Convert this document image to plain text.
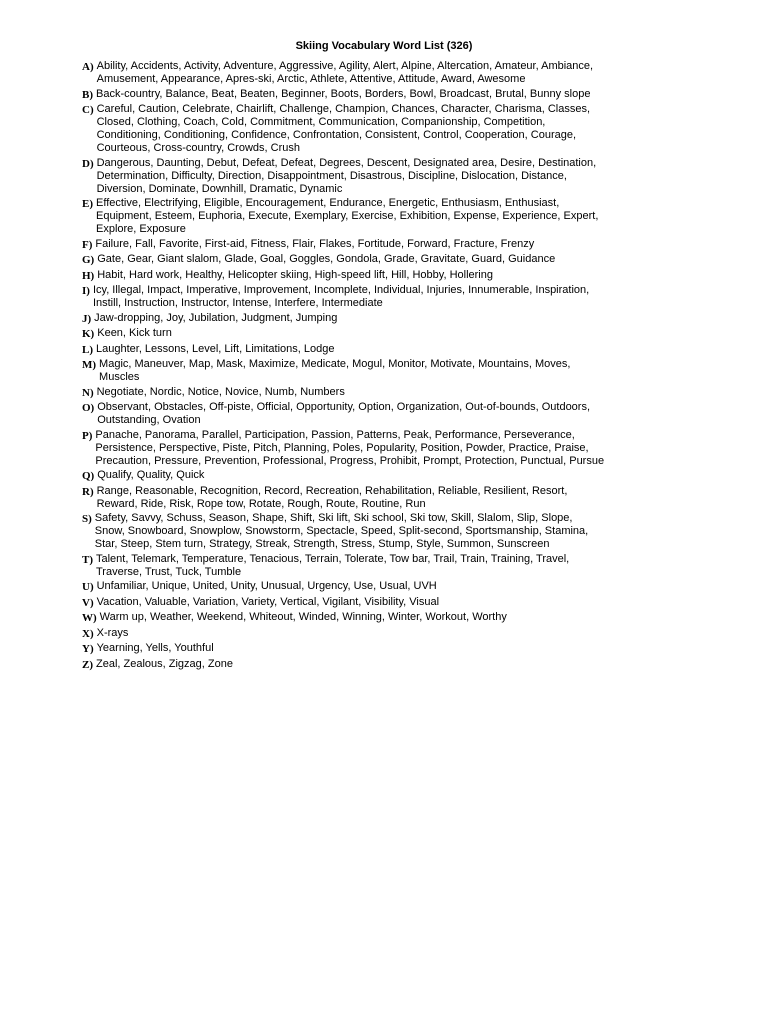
Skiing Vocabulary Word List (326)
A) Ability, Accidents, Activity, Adventure, Aggressive, Agility, Alert, Alpine, Altercation, Amateur, Ambiance,
Amusement, Appearance, Apres-ski, Arctic, Athlete, Attentive, Attitude, Award, Awesome
B) Back-country, Balance, Beat, Beaten, Beginner, Boots, Borders, Bowl, Broadcast, Brutal, Bunny slope
C) Careful, Caution, Celebrate, Chairlift, Challenge, Champion, Chances, Character, Charisma, Classes,
Closed, Clothing, Coach, Cold, Commitment, Communication, Companionship, Competition,
Conditioning, Conditioning, Confidence, Confrontation, Consistent, Control, Cooperation, Courage,
Courteous, Cross-country, Crowds, Crush
D) Dangerous, Daunting, Debut, Defeat, Defeat, Degrees, Descent, Designated area, Desire, Destination,
Determination, Difficulty, Direction, Disappointment, Disastrous, Discipline, Dislocation, Distance,
Diversion, Dominate, Downhill, Dramatic, Dynamic
E) Effective, Electrifying, Eligible, Encouragement, Endurance, Energetic, Enthusiasm, Enthusiast,
Equipment, Esteem, Euphoria, Execute, Exemplary, Exercise, Exhibition, Expense, Experience, Expert,
Explore, Exposure
F) Failure, Fall, Favorite, First-aid, Fitness, Flair, Flakes, Fortitude, Forward, Fracture, Frenzy
G) Gate, Gear, Giant slalom, Glade, Goal, Goggles, Gondola, Grade, Gravitate, Guard, Guidance
H) Habit, Hard work, Healthy, Helicopter skiing, High-speed lift, Hill, Hobby, Hollering
I) Icy, Illegal, Impact, Imperative, Improvement, Incomplete, Individual, Injuries, Innumerable, Inspiration,
Instill, Instruction, Instructor, Intense, Interfere, Intermediate
J) Jaw-dropping, Joy, Jubilation, Judgment, Jumping
K) Keen, Kick turn
L) Laughter, Lessons, Level, Lift, Limitations, Lodge
M) Magic, Maneuver, Map, Mask, Maximize, Medicate, Mogul, Monitor, Motivate, Mountains, Moves,
Muscles
N) Negotiate, Nordic, Notice, Novice, Numb, Numbers
O) Observant, Obstacles, Off-piste, Official, Opportunity, Option, Organization, Out-of-bounds, Outdoors,
Outstanding, Ovation
P) Panache, Panorama, Parallel, Participation, Passion, Patterns, Peak, Performance, Perseverance,
Persistence, Perspective, Piste, Pitch, Planning, Poles, Popularity, Position, Powder, Practice, Praise,
Precaution, Pressure, Prevention, Professional, Progress, Prohibit, Prompt, Protection, Punctual, Pursue
Q) Qualify, Quality, Quick
R) Range, Reasonable, Recognition, Record, Recreation, Rehabilitation, Reliable, Resilient, Resort,
Reward, Ride, Risk, Rope tow, Rotate, Rough, Route, Routine, Run
S) Safety, Savvy, Schuss, Season, Shape, Shift, Ski lift, Ski school, Ski tow, Skill, Slalom, Slip, Slope,
Snow, Snowboard, Snowplow, Snowstorm, Spectacle, Speed, Split-second, Sportsmanship, Stamina,
Star, Steep, Stem turn, Strategy, Streak, Strength, Stress, Stump, Style, Summon, Sunscreen
T) Talent, Telemark, Temperature, Tenacious, Terrain, Tolerate, Tow bar, Trail, Train, Training, Travel,
Traverse, Trust, Tuck, Tumble
U) Unfamiliar, Unique, United, Unity, Unusual, Urgency, Use, Usual, UVH
V) Vacation, Valuable, Variation, Variety, Vertical, Vigilant, Visibility, Visual
W) Warm up, Weather, Weekend, Whiteout, Winded, Winning, Winter, Workout, Worthy
X) X-rays
Y) Yearning, Yells, Youthful
Z) Zeal, Zealous, Zigzag, Zone
